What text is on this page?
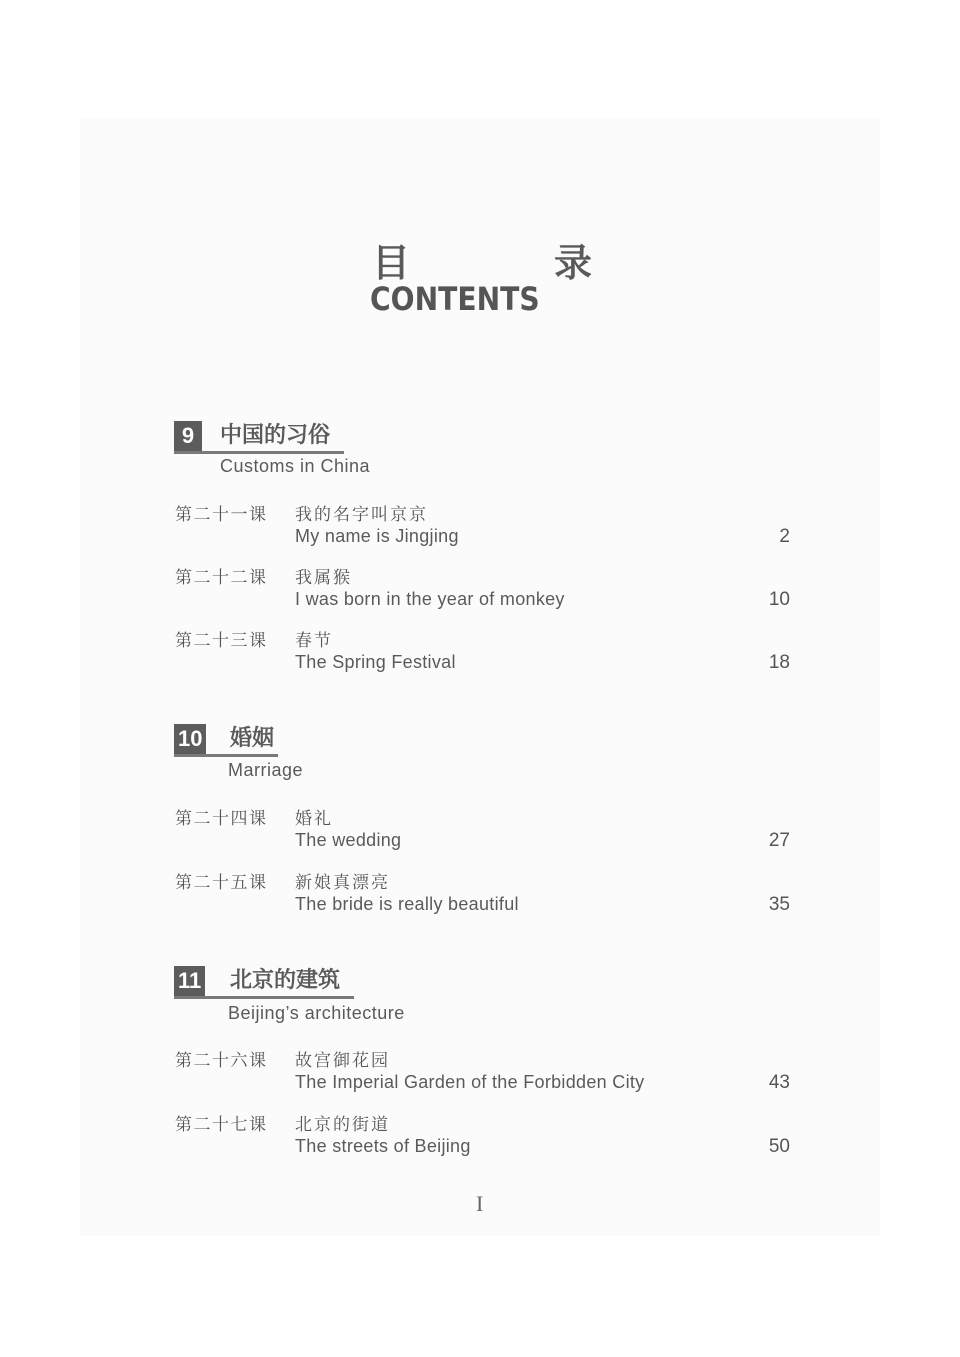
目	录
CONTENTS
9	中国的习俗
Customs in China
第二十一课 我的名字叫京京
My name is Jingjing	2
第二十二课 我属猴
I was born in the year of monkey	10
第二十三课 春节
The Spring Festival	18
10 婚姻
Marriage
第二十四课 婚礼
The wedding	27
第二十五课 新娘真漂亮
The bride is really beautiful	35
11 北京的建筑
Beijing’s architecture
第二十六课 故宫御花园
The Imperial Garden of the Forbidden City	43
第二十七课 北京的街道
The streets of Beijing	50
I
